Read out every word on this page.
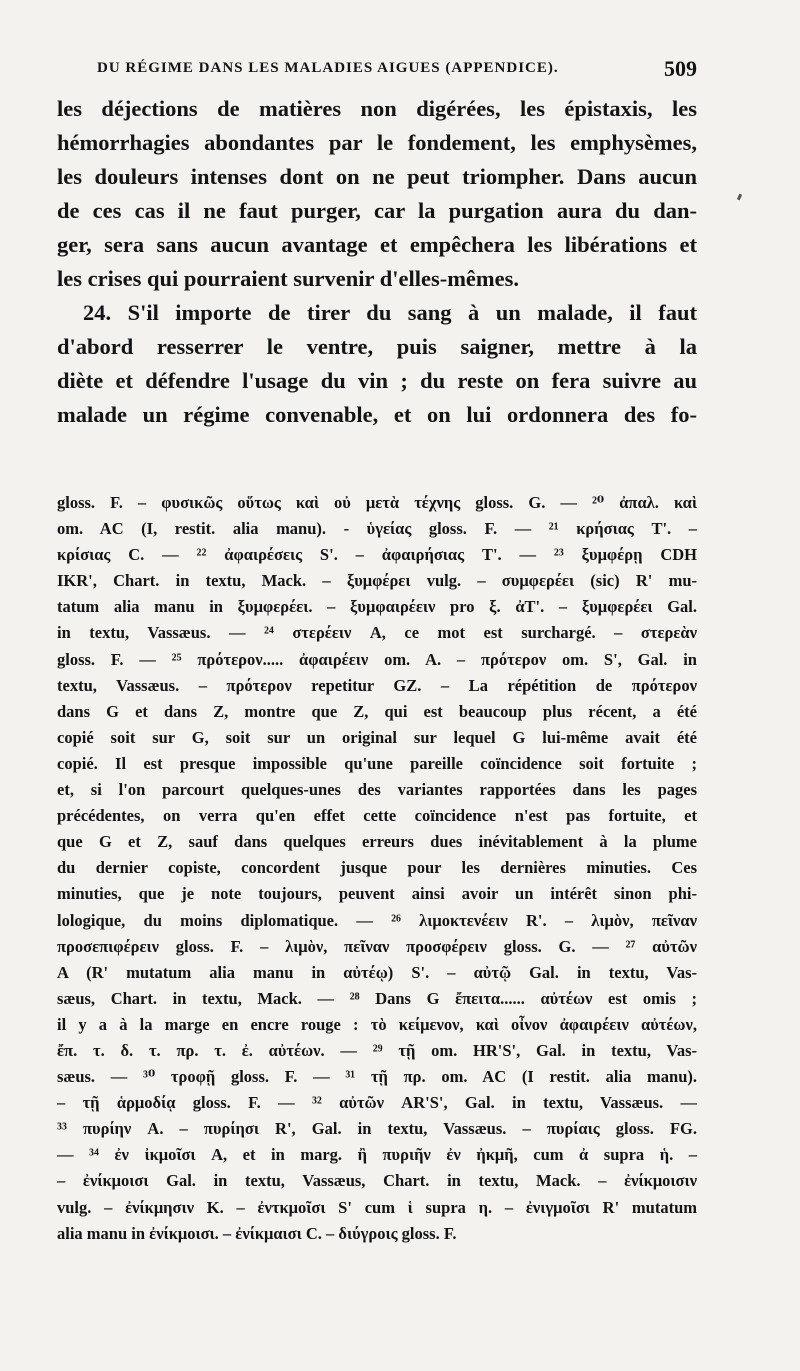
DU RÉGIME DANS LES MALADIES AIGUES (APPENDICE).	509
les déjections de matières non digérées, les épistaxis, les
hémorrhagies abondantes par le fondement, les emphysèmes,
les douleurs intenses dont on ne peut triompher. Dans aucun
de ces cas il ne faut purger, car la purgation aura du dan-
ger, sera sans aucun avantage et empêchera les libérations et
les crises qui pourraient survenir d'elles-mêmes.
24. S'il importe de tirer du sang à un malade, il faut
d'abord resserrer le ventre, puis saigner, mettre à la
diète et défendre l'usage du vin ; du reste on fera suivre au
malade un régime convenable, et on lui ordonnera des fo-
gloss. F. – φυσικῶς οὕτως καὶ οὐ μετὰ τέχνης gloss. G. — ²⁰ ἀπαλ. καὶ
om. AC (I, restit. alia manu). - ὑγείας gloss. F. — ²¹ κρήσιας T'. –
κρίσιας C. — ²² ἀφαιρέσεις S'. – ἀφαιρήσιας T'. — ²³ ξυμφέρῃ CDH
IKR', Chart. in textu, Mack. – ξυμφέρει vulg. – συμφερέει (sic) R' mu-
tatum alia manu in ξυμφερέει. – ξυμφαιρέειν pro ξ. ἀT'. – ξυμφερέει Gal.
in textu, Vassæus. — ²⁴ στερέειν A, ce mot est surchargé. – στερεὰν
gloss. F. — ²⁵ πρότερον..... ἀφαιρέειν om. A. – πρότερον om. S', Gal. in
textu, Vassæus. – πρότερον repetitur GZ. – La répétition de πρότερον
dans G et dans Z, montre que Z, qui est beaucoup plus récent, a été
copié soit sur G, soit sur un original sur lequel G lui-même avait été
copié. Il est presque impossible qu'une pareille coïncidence soit fortuite ;
et, si l'on parcourt quelques-unes des variantes rapportées dans les pages
précédentes, on verra qu'en effet cette coïncidence n'est pas fortuite, et
que G et Z, sauf dans quelques erreurs dues inévitablement à la plume
du dernier copiste, concordent jusque pour les dernières minuties. Ces
minuties, que je note toujours, peuvent ainsi avoir un intérêt sinon phi-
lologique, du moins diplomatique. — ²⁶ λιμοκτενέειν R'. – λιμὸν, πεῖναν
προσεπιφέρειν gloss. F. – λιμὸν, πεῖναν προσφέρειν gloss. G. — ²⁷ αὐτῶν
A (R' mutatum alia manu in αὐτέῳ) S'. – αὐτῷ Gal. in textu, Vas-
sæus, Chart. in textu, Mack. — ²⁸ Dans G ἔπειτα...... αὐτέων est omis ;
il y a à la marge en encre rouge : τὸ κείμενον, καὶ οἶνον ἀφαιρέειν αὐτέων,
ἔπ. τ. δ. τ. πρ. τ. ἐ. αὐτέων. — ²⁹ τῇ om. HR'S', Gal. in textu, Vas-
sæus. — ³⁰ τροφῇ gloss. F. — ³¹ τῇ πρ. om. AC (I restit. alia manu).
– τῇ ἁρμοδίᾳ gloss. F. — ³² αὐτῶν AR'S', Gal. in textu, Vassæus. —
³³ πυρίην A. – πυρίησι R', Gal. in textu, Vassæus. – πυρίαις gloss. FG.
— ³⁴ ἐν ἰκμοῖσι A, et in marg. ἢ πυριῆν ἐν ἠκμῆ, cum ἀ supra ἡ. –
– ἐνίκμοισι Gal. in textu, Vassæus, Chart. in textu, Mack. – ἐνίκμοισιν
vulg. – ἐνίκμησιν K. – ἐντκμοῖσι S' cum ἱ supra η. – ἐνιγμοῖσι R' mutatum
alia manu in ἐνίκμοισι. – ἐνίκμαισι C. – διύγροις gloss. F.
